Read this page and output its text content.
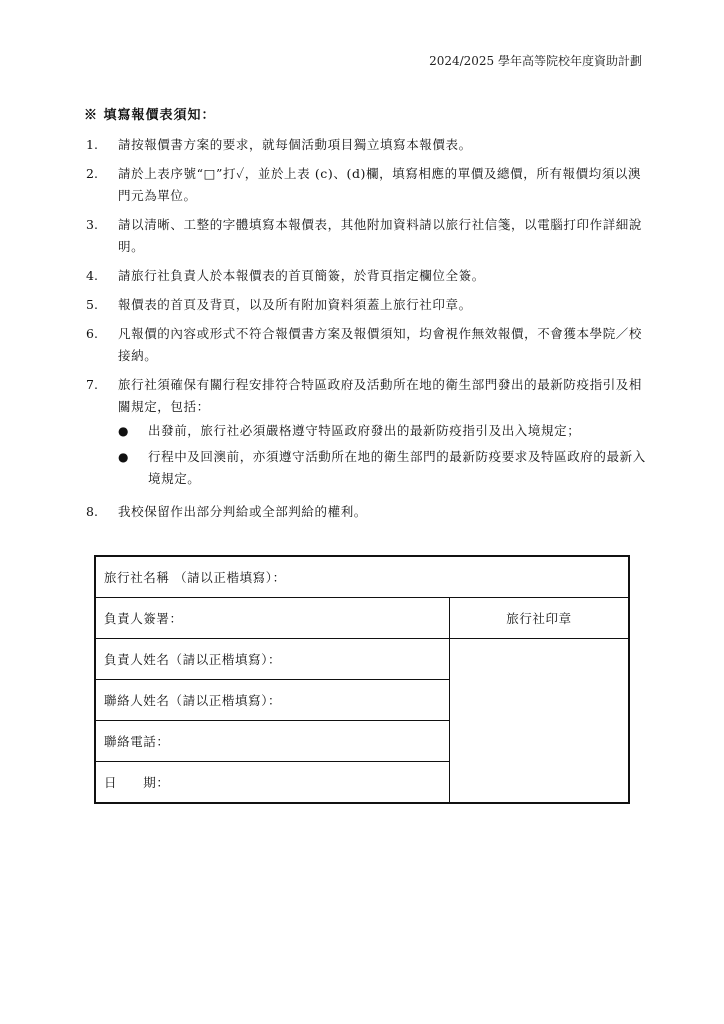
2024/2025 學年高等院校年度資助計劃
※ 填寫報價表須知：
1.	請按報價書方案的要求，就每個活動項目獨立填寫本報價表。
2.	請於上表序號“□”打✓，並於上表 (c)、(d)欄，填寫相應的單價及總價，所有報價均須以澳門元為單位。
3.	請以清晰、工整的字體填寫本報價表，其他附加資料請以旅行社信箋，以電腦打印作詳細說明。
4.	請旅行社負責人於本報價表的首頁簡簽，於背頁指定欄位全簽。
5.	報價表的首頁及背頁，以及所有附加資料須蓋上旅行社印章。
6.	凡報價的內容或形式不符合報價書方案及報價須知，均會視作無效報價，不會獲本學院／校接納。
7.	旅行社須確保有關行程安排符合特區政府及活動所在地的衛生部門發出的最新防疫指引及相關規定，包括：
●	出發前，旅行社必須嚴格遵守特區政府發出的最新防疫指引及出入境規定；
●	行程中及回澳前，亦須遵守活動所在地的衛生部門的最新防疫要求及特區政府的最新入境規定。
8.	我校保留作出部分判給或全部判給的權利。
旅行社名稱 （請以正楷填寫）：	
負責人簽署：	旅行社印章
負責人姓名（請以正楷填寫）：	
聯絡人姓名（請以正楷填寫）：	
聯絡電話：	
日　　期：	
